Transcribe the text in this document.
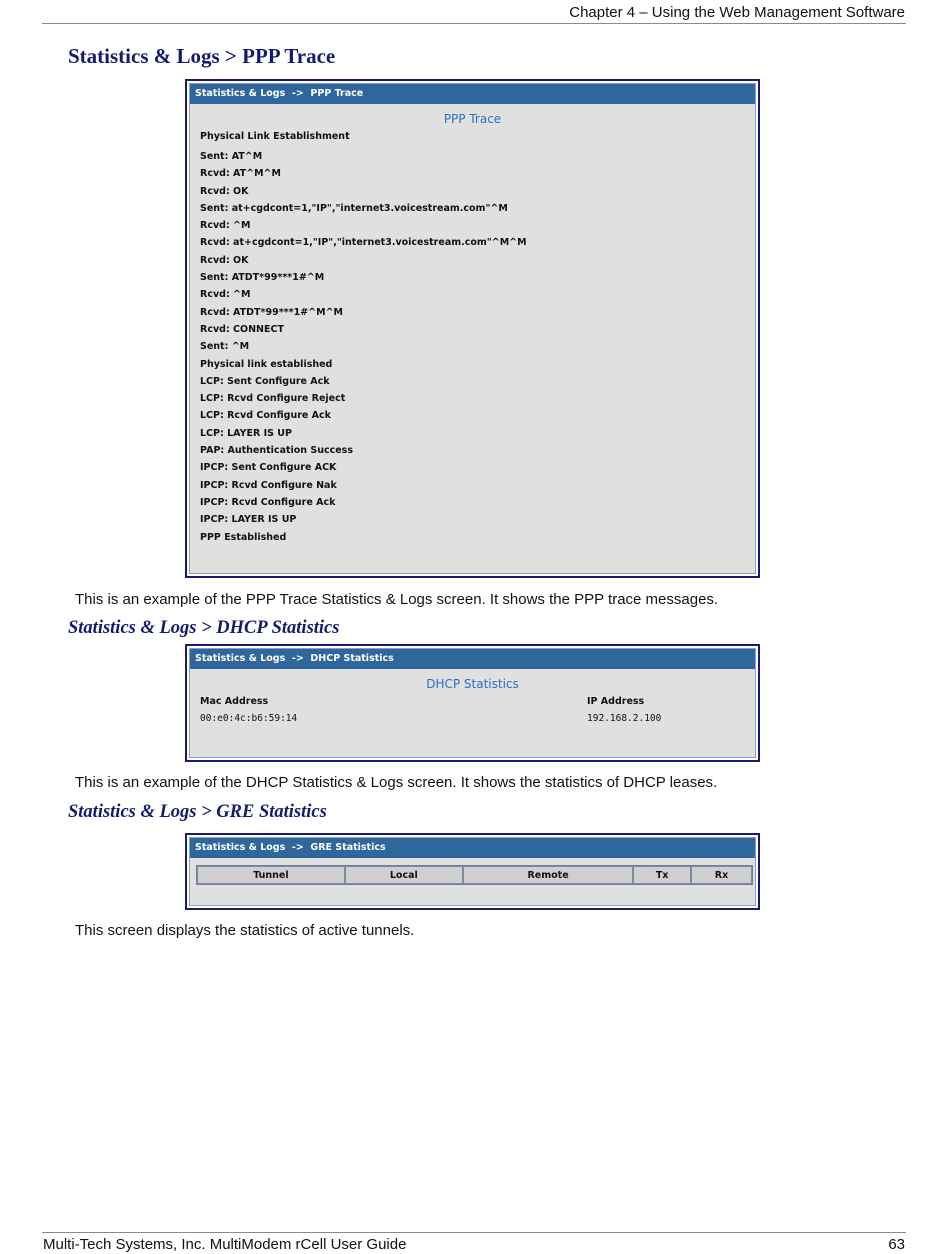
Chapter 4 – Using the Web Management Software
Statistics & Logs > PPP Trace
Statistics & Logs  ->  PPP Trace
PPP Trace
Physical Link Establishment
Sent: AT^M
Rcvd: AT^M^M
Rcvd: OK
Sent: at+cgdcont=1,"IP","internet3.voicestream.com"^M
Rcvd: ^M
Rcvd: at+cgdcont=1,"IP","internet3.voicestream.com"^M^M
Rcvd: OK
Sent: ATDT*99***1#^M
Rcvd: ^M
Rcvd: ATDT*99***1#^M^M
Rcvd: CONNECT
Sent: ^M
Physical link established
LCP: Sent Configure Ack
LCP: Rcvd Configure Reject
LCP: Rcvd Configure Ack
LCP: LAYER IS UP
PAP: Authentication Success
IPCP: Sent Configure ACK
IPCP: Rcvd Configure Nak
IPCP: Rcvd Configure Ack
IPCP: LAYER IS UP
PPP Established

This is an example of the PPP Trace Statistics & Logs screen. It shows the PPP trace messages.

Statistics & Logs > DHCP Statistics
Statistics & Logs  ->  DHCP Statistics
DHCP Statistics
Mac Address	IP Address
00:e0:4c:b6:59:14	192.168.2.100

This is an example of the DHCP Statistics & Logs screen. It shows the statistics of DHCP leases.

Statistics & Logs > GRE Statistics
Statistics & Logs  ->  GRE Statistics
Tunnel	Local	Remote	Tx	Rx

This screen displays the statistics of active tunnels.

Multi-Tech Systems, Inc. MultiModem rCell User Guide	63
